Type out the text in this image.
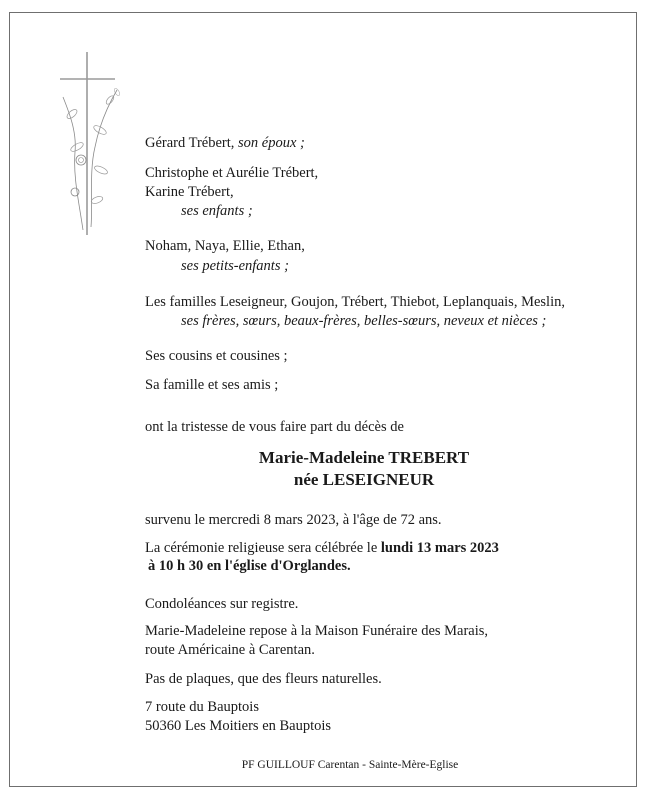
Gérard Trébert, son époux ;
Christophe et Aurélie Trébert,
Karine Trébert,
ses enfants ;
Noham, Naya, Ellie, Ethan,
ses petits-enfants ;
Les familles Leseigneur, Goujon, Trébert, Thiebot, Leplanquais, Meslin,
ses frères, sœurs, beaux-frères, belles-sœurs, neveux et nièces ;
Ses cousins et cousines ;
Sa famille et ses amis ;
ont la tristesse de vous faire part du décès de
Marie-Madeleine TREBERT
née LESEIGNEUR
survenu le mercredi 8 mars 2023, à l'âge de 72 ans.
La cérémonie religieuse sera célébrée le lundi 13 mars 2023
à 10 h 30 en l'église d'Orglandes.
Condoléances sur registre.
Marie-Madeleine repose à la Maison Funéraire des Marais,
route Américaine à Carentan.
Pas de plaques, que des fleurs naturelles.
7 route du Bauptois
50360 Les Moitiers en Bauptois
PF GUILLOUF Carentan - Sainte-Mère-Eglise
